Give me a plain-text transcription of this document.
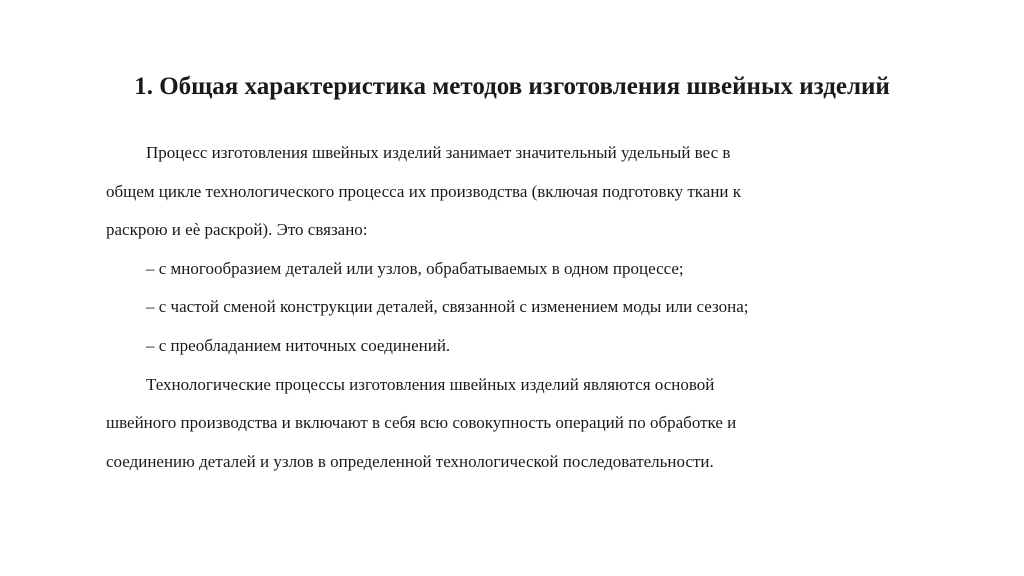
1. Общая характеристика методов изготовления швейных изделий
Процесс изготовления швейных изделий занимает значительный удельный вес в
общем цикле технологического процесса их производства (включая подготовку ткани к
раскрою и еѐ раскрой). Это связано:
– с многообразием деталей или узлов, обрабатываемых в одном процессе;
– с частой сменой конструкции деталей, связанной с изменением моды или сезона;
– с преобладанием ниточных соединений.
Технологические процессы изготовления швейных изделий являются основой
швейного производства и включают в себя всю совокупность операций по обработке и
соединению деталей и узлов в определенной технологической последовательности.
